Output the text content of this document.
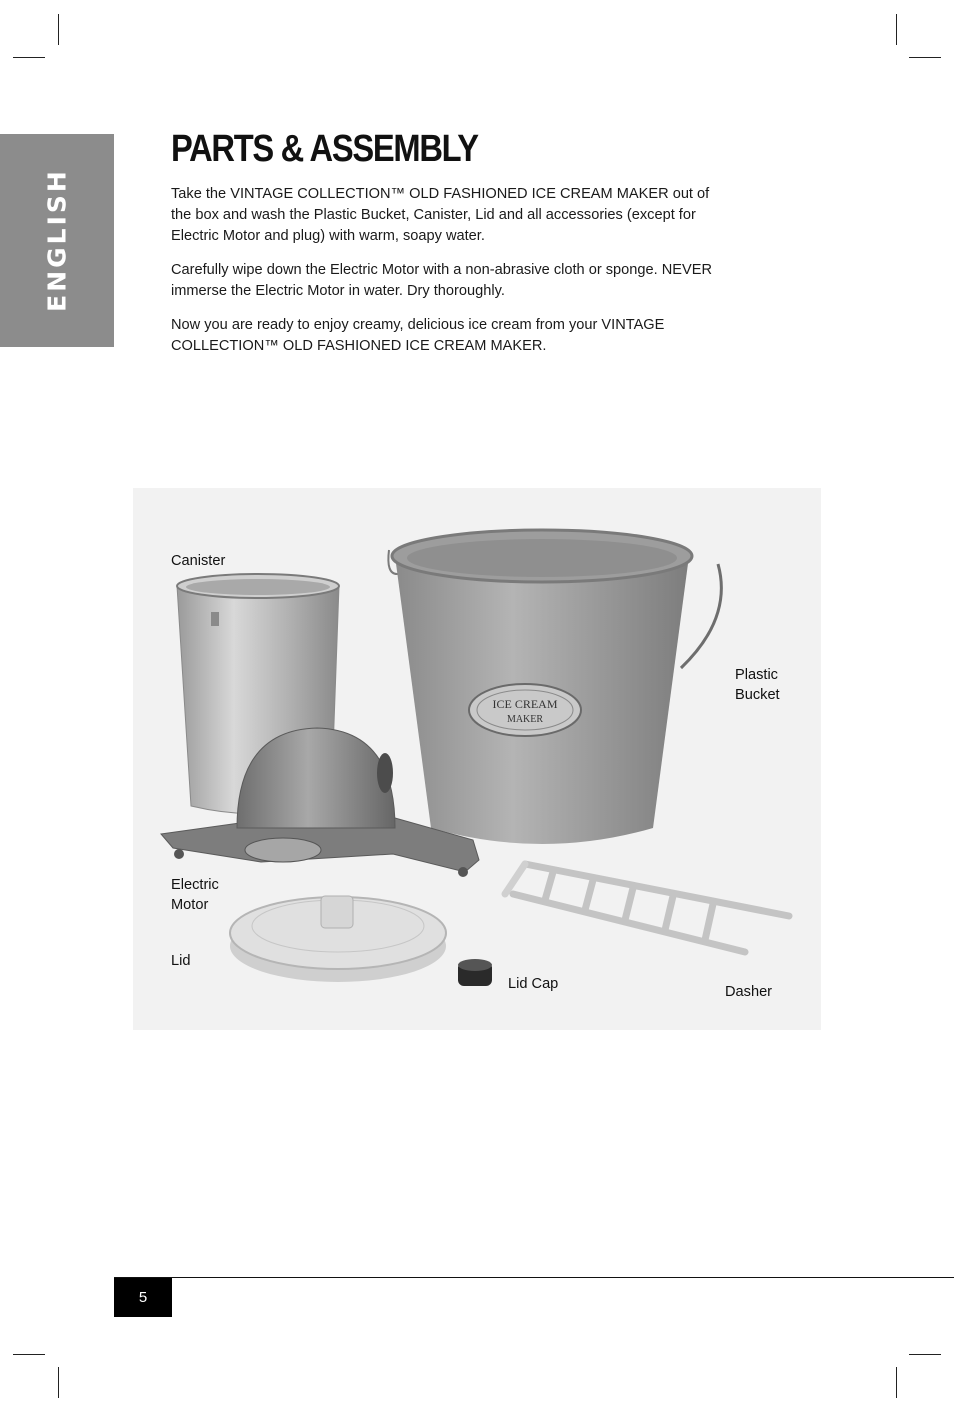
ENGLISH
PARTS & ASSEMBLY

Take the VINTAGE COLLECTION™ OLD FASHIONED ICE CREAM MAKER out of the box and wash the Plastic Bucket, Canister, Lid and all accessories (except for Electric Motor and plug) with warm, soapy water.

Carefully wipe down the Electric Motor with a non-abrasive cloth or sponge. NEVER immerse the Electric Motor in water. Dry thoroughly.

Now you are ready to enjoy creamy, delicious ice cream from your VINTAGE COLLECTION™ OLD FASHIONED ICE CREAM MAKER.

ICE CREAM
MAKER
Canister
Plastic
Bucket
Electric
Motor
Lid
Lid Cap	Dasher
5
